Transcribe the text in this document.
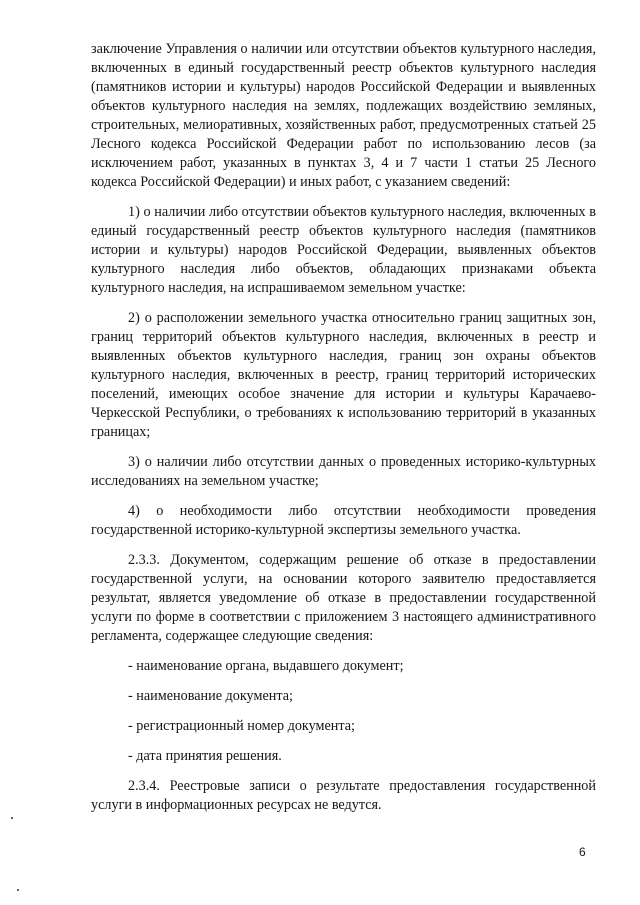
заключение Управления о наличии или отсутствии объектов культурного наследия, включенных в единый государственный реестр объектов культурного наследия (памятников истории и культуры) народов Российской Федерации и выявленных объектов культурного наследия на землях, подлежащих воздействию земляных, строительных, мелиоративных, хозяйственных работ, предусмотренных статьей 25 Лесного кодекса Российской Федерации работ по использованию лесов (за исключением работ, указанных в пунктах 3, 4 и 7 части 1 статьи 25 Лесного кодекса Российской Федерации) и иных работ, с указанием сведений:

1) о наличии либо отсутствии объектов культурного наследия, включенных в единый государственный реестр объектов культурного наследия (памятников истории и культуры) народов Российской Федерации, выявленных объектов культурного наследия либо объектов, обладающих признаками объекта культурного наследия, на испрашиваемом земельном участке:

2) о расположении земельного участка относительно границ защитных зон, границ территорий объектов культурного наследия, включенных в реестр и выявленных объектов культурного наследия, границ зон охраны объектов культурного наследия, включенных в реестр, границ территорий исторических поселений, имеющих особое значение для истории и культуры Карачаево-Черкесской Республики, о требованиях к использованию территорий в указанных границах;

3) о наличии либо отсутствии данных о проведенных историко-культурных исследованиях на земельном участке;

4) о необходимости либо отсутствии необходимости проведения государственной историко-культурной экспертизы земельного участка.

2.3.3. Документом, содержащим решение об отказе в предоставлении государственной услуги, на основании которого заявителю предоставляется результат, является уведомление об отказе в предоставлении государственной услуги по форме в соответствии с приложением 3 настоящего административного регламента, содержащее следующие сведения:

- наименование органа, выдавшего документ;

- наименование документа;

- регистрационный номер документа;

- дата принятия решения.

2.3.4. Реестровые записи о результате предоставления государственной услуги в информационных ресурсах не ведутся.

6
